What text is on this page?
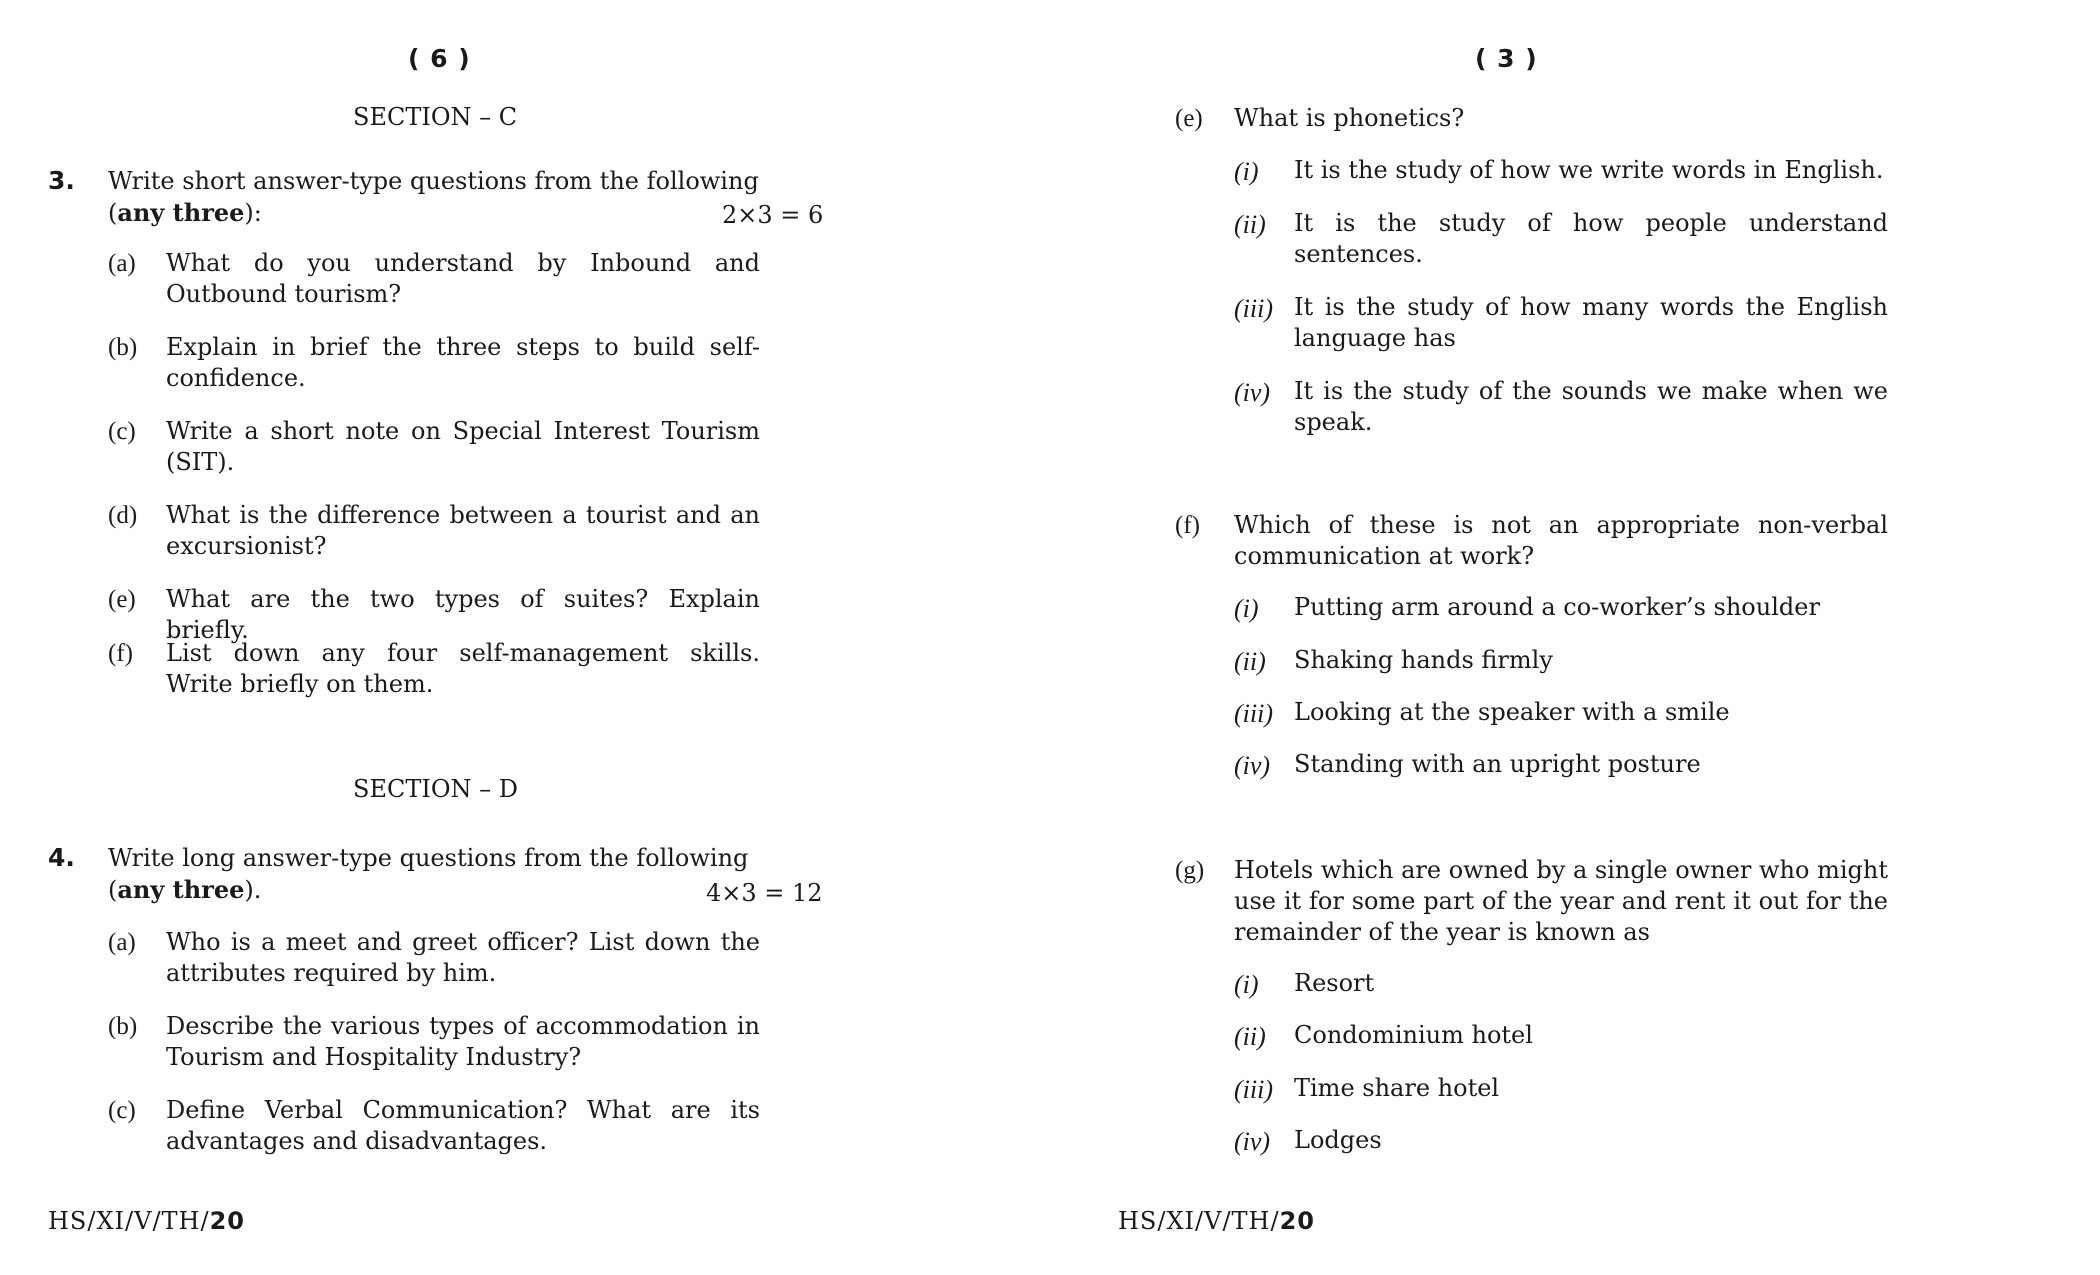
( 6 )
SECTION – C
3. Write short answer-type questions from the following
(any three):	2×3 = 6
(a) What do you understand by Inbound and Outbound tourism?
(b) Explain in brief the three steps to build self-confidence.
(c) Write a short note on Special Interest Tourism (SIT).
(d) What is the difference between a tourist and an excursionist?
(e) What are the two types of suites? Explain briefly.
(f) List down any four self-management skills. Write briefly on them.
SECTION – D
4. Write long answer-type questions from the following
(any three).	4×3 = 12
(a) Who is a meet and greet officer? List down the attributes required by him.
(b) Describe the various types of accommodation in Tourism and Hospitality Industry?
(c) Define Verbal Communication? What are its advantages and disadvantages.
HS/XI/V/TH/20
( 3 )
(e) What is phonetics?
(i) It is the study of how we write words in English.
(ii) It is the study of how people understand sentences.
(iii) It is the study of how many words the English language has
(iv) It is the study of the sounds we make when we speak.
(f) Which of these is not an appropriate non-verbal communication at work?
(i) Putting arm around a co-worker’s shoulder
(ii) Shaking hands firmly
(iii) Looking at the speaker with a smile
(iv) Standing with an upright posture
(g) Hotels which are owned by a single owner who might use it for some part of the year and rent it out for the remainder of the year is known as
(i) Resort
(ii) Condominium hotel
(iii) Time share hotel
(iv) Lodges
HS/XI/V/TH/20
